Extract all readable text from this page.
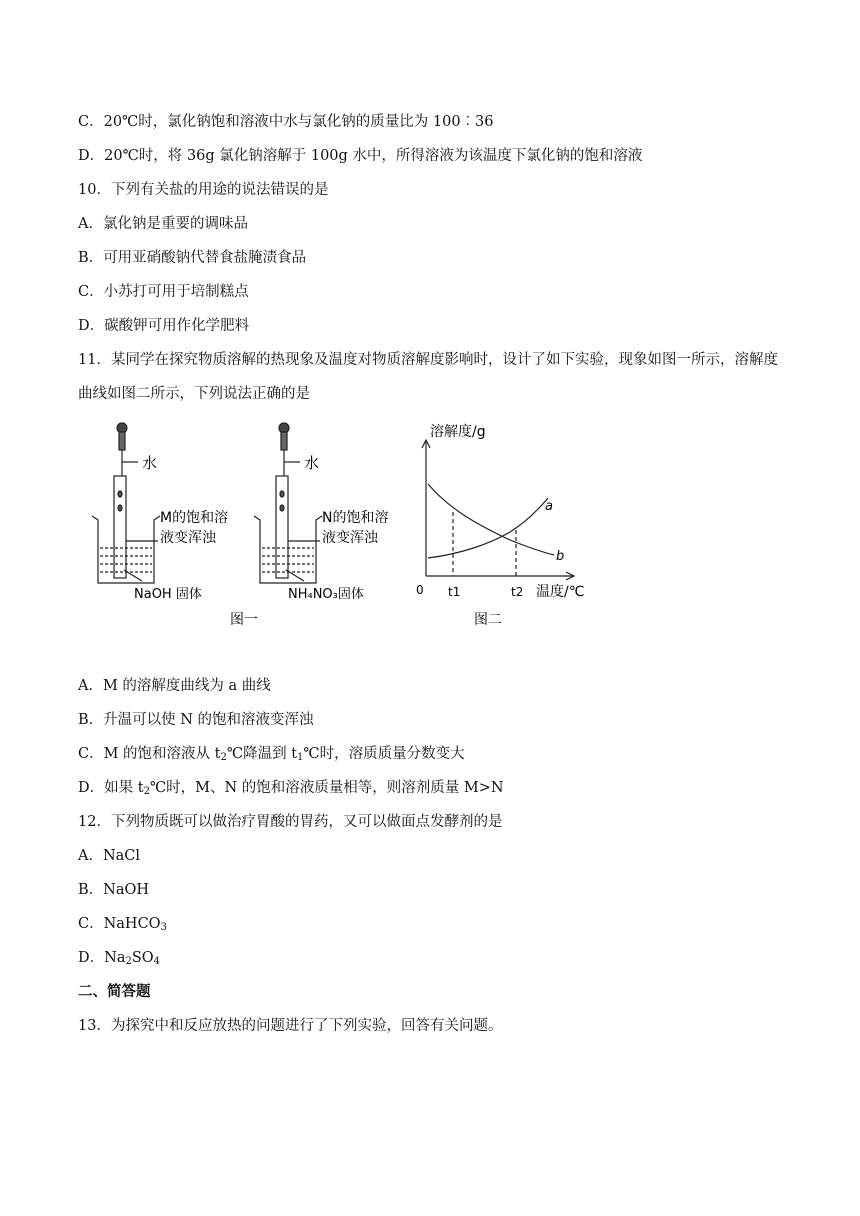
C．20℃时，氯化钠饱和溶液中水与氯化钠的质量比为 100︰36
D．20℃时，将 36g 氯化钠溶解于 100g 水中，所得溶液为该温度下氯化钠的饱和溶液
10．下列有关盐的用途的说法错误的是
A．氯化钠是重要的调味品
B．可用亚硝酸钠代替食盐腌渍食品
C．小苏打可用于培制糕点
D．碳酸钾可用作化学肥料
11．某同学在探究物质溶解的热现象及温度对物质溶解度影响时，设计了如下实验，现象如图一所示，溶解度曲线如图二所示，下列说法正确的是
水
M的饱和溶
液变浑浊
NaOH 固体
水
N的饱和溶
液变浑浊
NH₄NO₃固体
图一
溶解度/g
温度/℃
0 t1	t2
a
b
图二
A．M 的溶解度曲线为 a 曲线
B．升温可以使 N 的饱和溶液变浑浊
C．M 的饱和溶液从 $t_2℃$降温到 $t_1℃$时，溶质质量分数变大
D．如果 $t_2℃$时，M、N 的饱和溶液质量相等，则溶剂质量 M>N
12．下列物质既可以做治疗胃酸的胃药，又可以做面点发酵剂的是
A．NaCl
B．NaOH
C．NaHCO$_3$
D．$Na_2SO_4$
二、简答题
13．为探究中和反应放热的问题进行了下列实验，回答有关问题。
